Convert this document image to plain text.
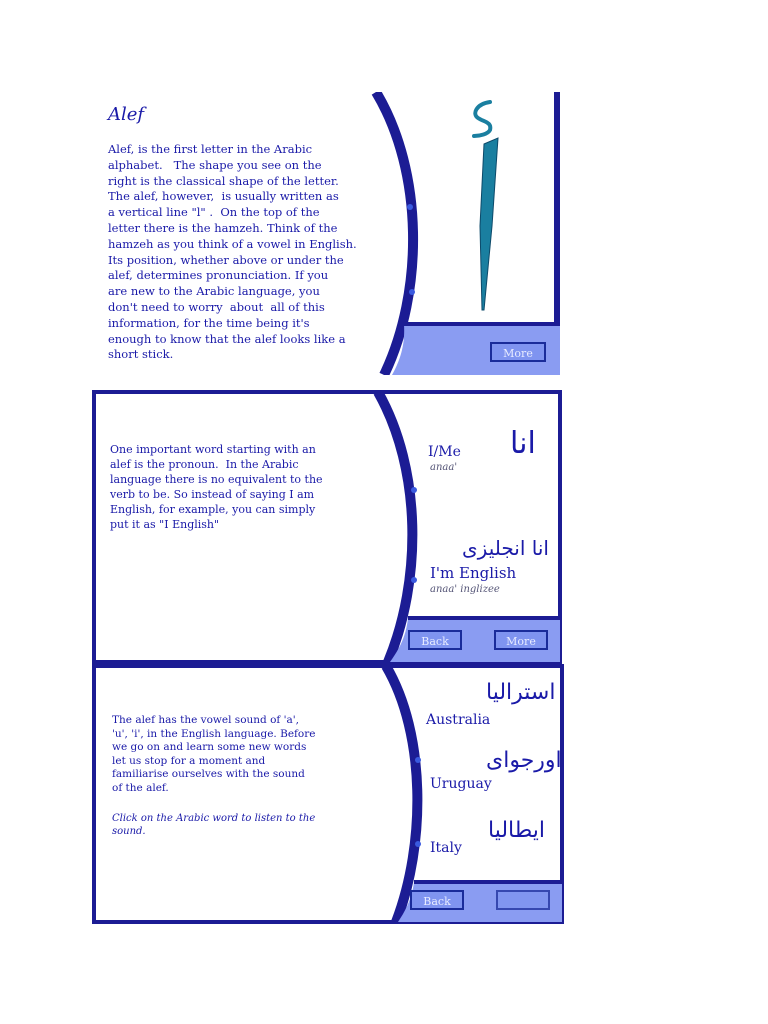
Alef
Alef, is the first letter in the Arabic
alphabet.   The shape you see on the
right is the classical shape of the letter.
The alef, however,  is usually written as
a vertical line "l" .  On the top of the
letter there is the hamzeh. Think of the
hamzeh as you think of a vowel in English.
Its position, whether above or under the
alef, determines pronunciation. If you
are new to the Arabic language, you
don't need to worry  about  all of this
information, for the time being it's
enough to know that the alef looks like a
short stick.	More
One important word starting with an
alef is the pronoun.  In the Arabic
language there is no equivalent to the
verb to be. So instead of saying I am
English, for example, you can simply
put it as "I English"
انا
I/Me
anaa'
انا انجليزى
I'm English
anaa' inglizee
Back	More
The alef has the vowel sound of 'a',
'u', 'i', in the English language. Before
we go on and learn some new words
let us stop for a moment and
familiarise ourselves with the sound
of the alef.
Click on the Arabic word to listen to the
sound.
استراليا
Australia
اورجواى
Uruguay
ايطاليا
Italy
Back
